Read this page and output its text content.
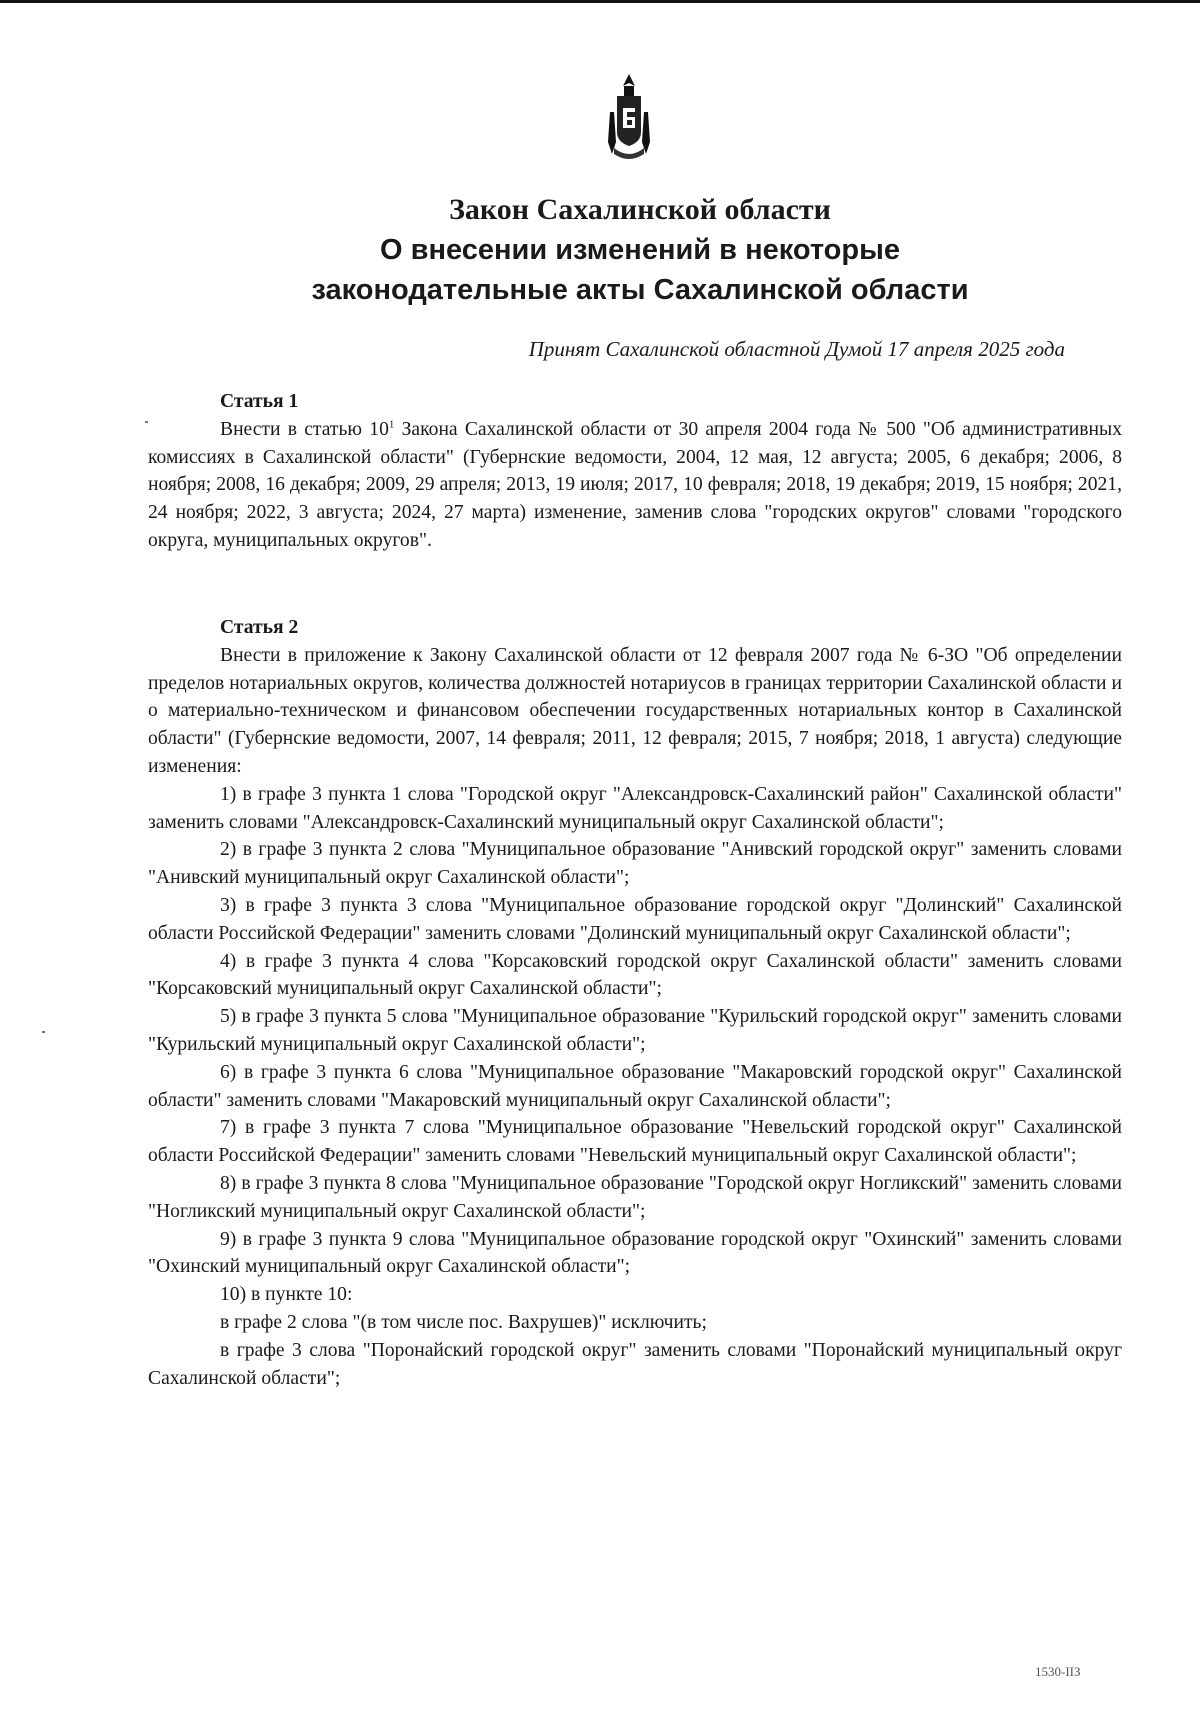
Закон Сахалинской области
О внесении изменений в некоторые
законодательные акты Сахалинской области
Принят Сахалинской областной Думой 17 апреля 2025 года
Статья 1

Внести в статью $10^1$ Закона Сахалинской области от 30 апреля 2004 года № 500 "Об административных комиссиях в Сахалинской области" (Губернские ведомости, 2004, 12 мая, 12 августа; 2005, 6 декабря; 2006, 8 ноября; 2008, 16 декабря; 2009, 29 апреля; 2013, 19 июля; 2017, 10 февраля; 2018, 19 декабря; 2019, 15 ноября; 2021, 24 ноября; 2022, 3 августа; 2024, 27 марта) изменение, заменив слова "городских округов" словами "городского округа, муниципальных округов".

Статья 2

Внести в приложение к Закону Сахалинской области от 12 февраля 2007 года № 6-ЗО "Об определении пределов нотариальных округов, количества должностей нотариусов в границах территории Сахалинской области и о материально-техническом и финансовом обеспечении государственных нотариальных контор в Сахалинской области" (Губернские ведомости, 2007, 14 февраля; 2011, 12 февраля; 2015, 7 ноября; 2018, 1 августа) следующие изменения:

1) в графе 3 пункта 1 слова "Городской округ "Александровск-Сахалинский район" Сахалинской области" заменить словами "Александровск-Сахалинский муниципальный округ Сахалинской области";

2) в графе 3 пункта 2 слова "Муниципальное образование "Анивский городской округ" заменить словами "Анивский муниципальный округ Сахалинской области";

3) в графе 3 пункта 3 слова "Муниципальное образование городской округ "Долинский" Сахалинской области Российской Федерации" заменить словами "Долинский муниципальный округ Сахалинской области";

4) в графе 3 пункта 4 слова "Корсаковский городской округ Сахалинской области" заменить словами "Корсаковский муниципальный округ Сахалинской области";

5) в графе 3 пункта 5 слова "Муниципальное образование "Курильский городской округ" заменить словами "Курильский муниципальный округ Сахалинской области";

6) в графе 3 пункта 6 слова "Муниципальное образование "Макаровский городской округ" Сахалинской области" заменить словами "Макаровский муниципальный округ Сахалинской области";

7) в графе 3 пункта 7 слова "Муниципальное образование "Невельский городской округ" Сахалинской области Российской Федерации" заменить словами "Невельский муниципальный округ Сахалинской области";

8) в графе 3 пункта 8 слова "Муниципальное образование "Городской округ Ногликский" заменить словами "Ногликский муниципальный округ Сахалинской области";

9) в графе 3 пункта 9 слова "Муниципальное образование городской округ "Охинский" заменить словами "Охинский муниципальный округ Сахалинской области";

10) в пункте 10:

в графе 2 слова "(в том числе пос. Вахрушев)" исключить;

в графе 3 слова "Поронайский городской округ" заменить словами "Поронайский муниципальный округ Сахалинской области";

1530-ІІЗ
